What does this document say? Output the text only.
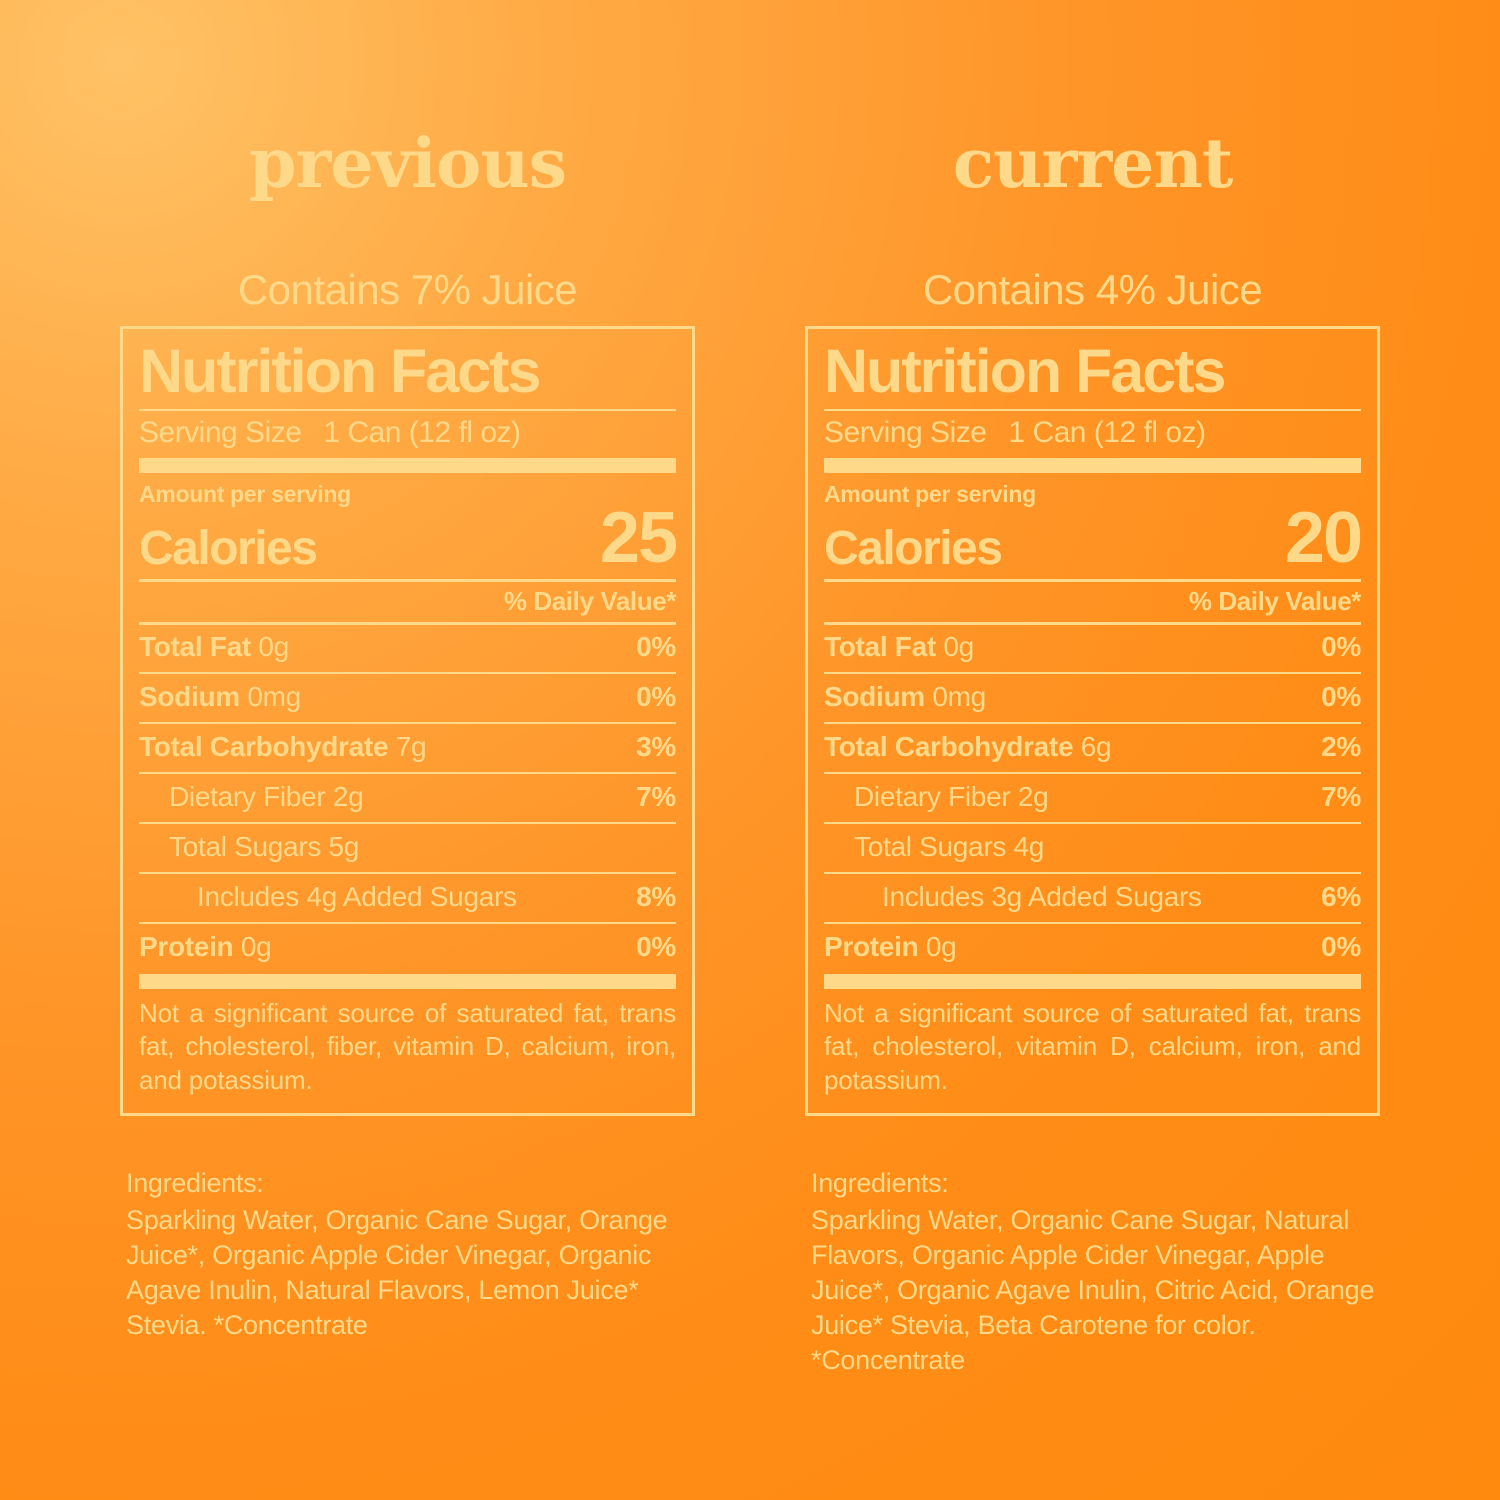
previous
Contains 7% Juice
Nutrition Facts
Serving Size 1 Can (12 fl oz)
Amount per serving
Calories	25
% Daily Value*
Total Fat 0g	0%
Sodium 0mg	0%
Total Carbohydrate 7g	3%
Dietary Fiber 2g	7%
Total Sugars 5g
Includes 4g Added Sugars	8%
Protein 0g	0%
Not a significant source of saturated fat, trans fat, cholesterol, fiber, vitamin D, calcium, iron, and potassium.
Ingredients:
Sparkling Water, Organic Cane Sugar, Orange Juice*, Organic Apple Cider Vinegar, Organic Agave Inulin, Natural Flavors, Lemon Juice* Stevia. *Concentrate
current
Contains 4% Juice
Nutrition Facts
Serving Size 1 Can (12 fl oz)
Amount per serving
Calories	20
% Daily Value*
Total Fat 0g	0%
Sodium 0mg	0%
Total Carbohydrate 6g	2%
Dietary Fiber 2g	7%
Total Sugars 4g
Includes 3g Added Sugars	6%
Protein 0g	0%
Not a significant source of saturated fat, trans fat, cholesterol, vitamin D, calcium, iron, and potassium.
Ingredients:
Sparkling Water, Organic Cane Sugar, Natural Flavors, Organic Apple Cider Vinegar, Apple Juice*, Organic Agave Inulin, Citric Acid, Orange Juice* Stevia, Beta Carotene for color. *Concentrate
